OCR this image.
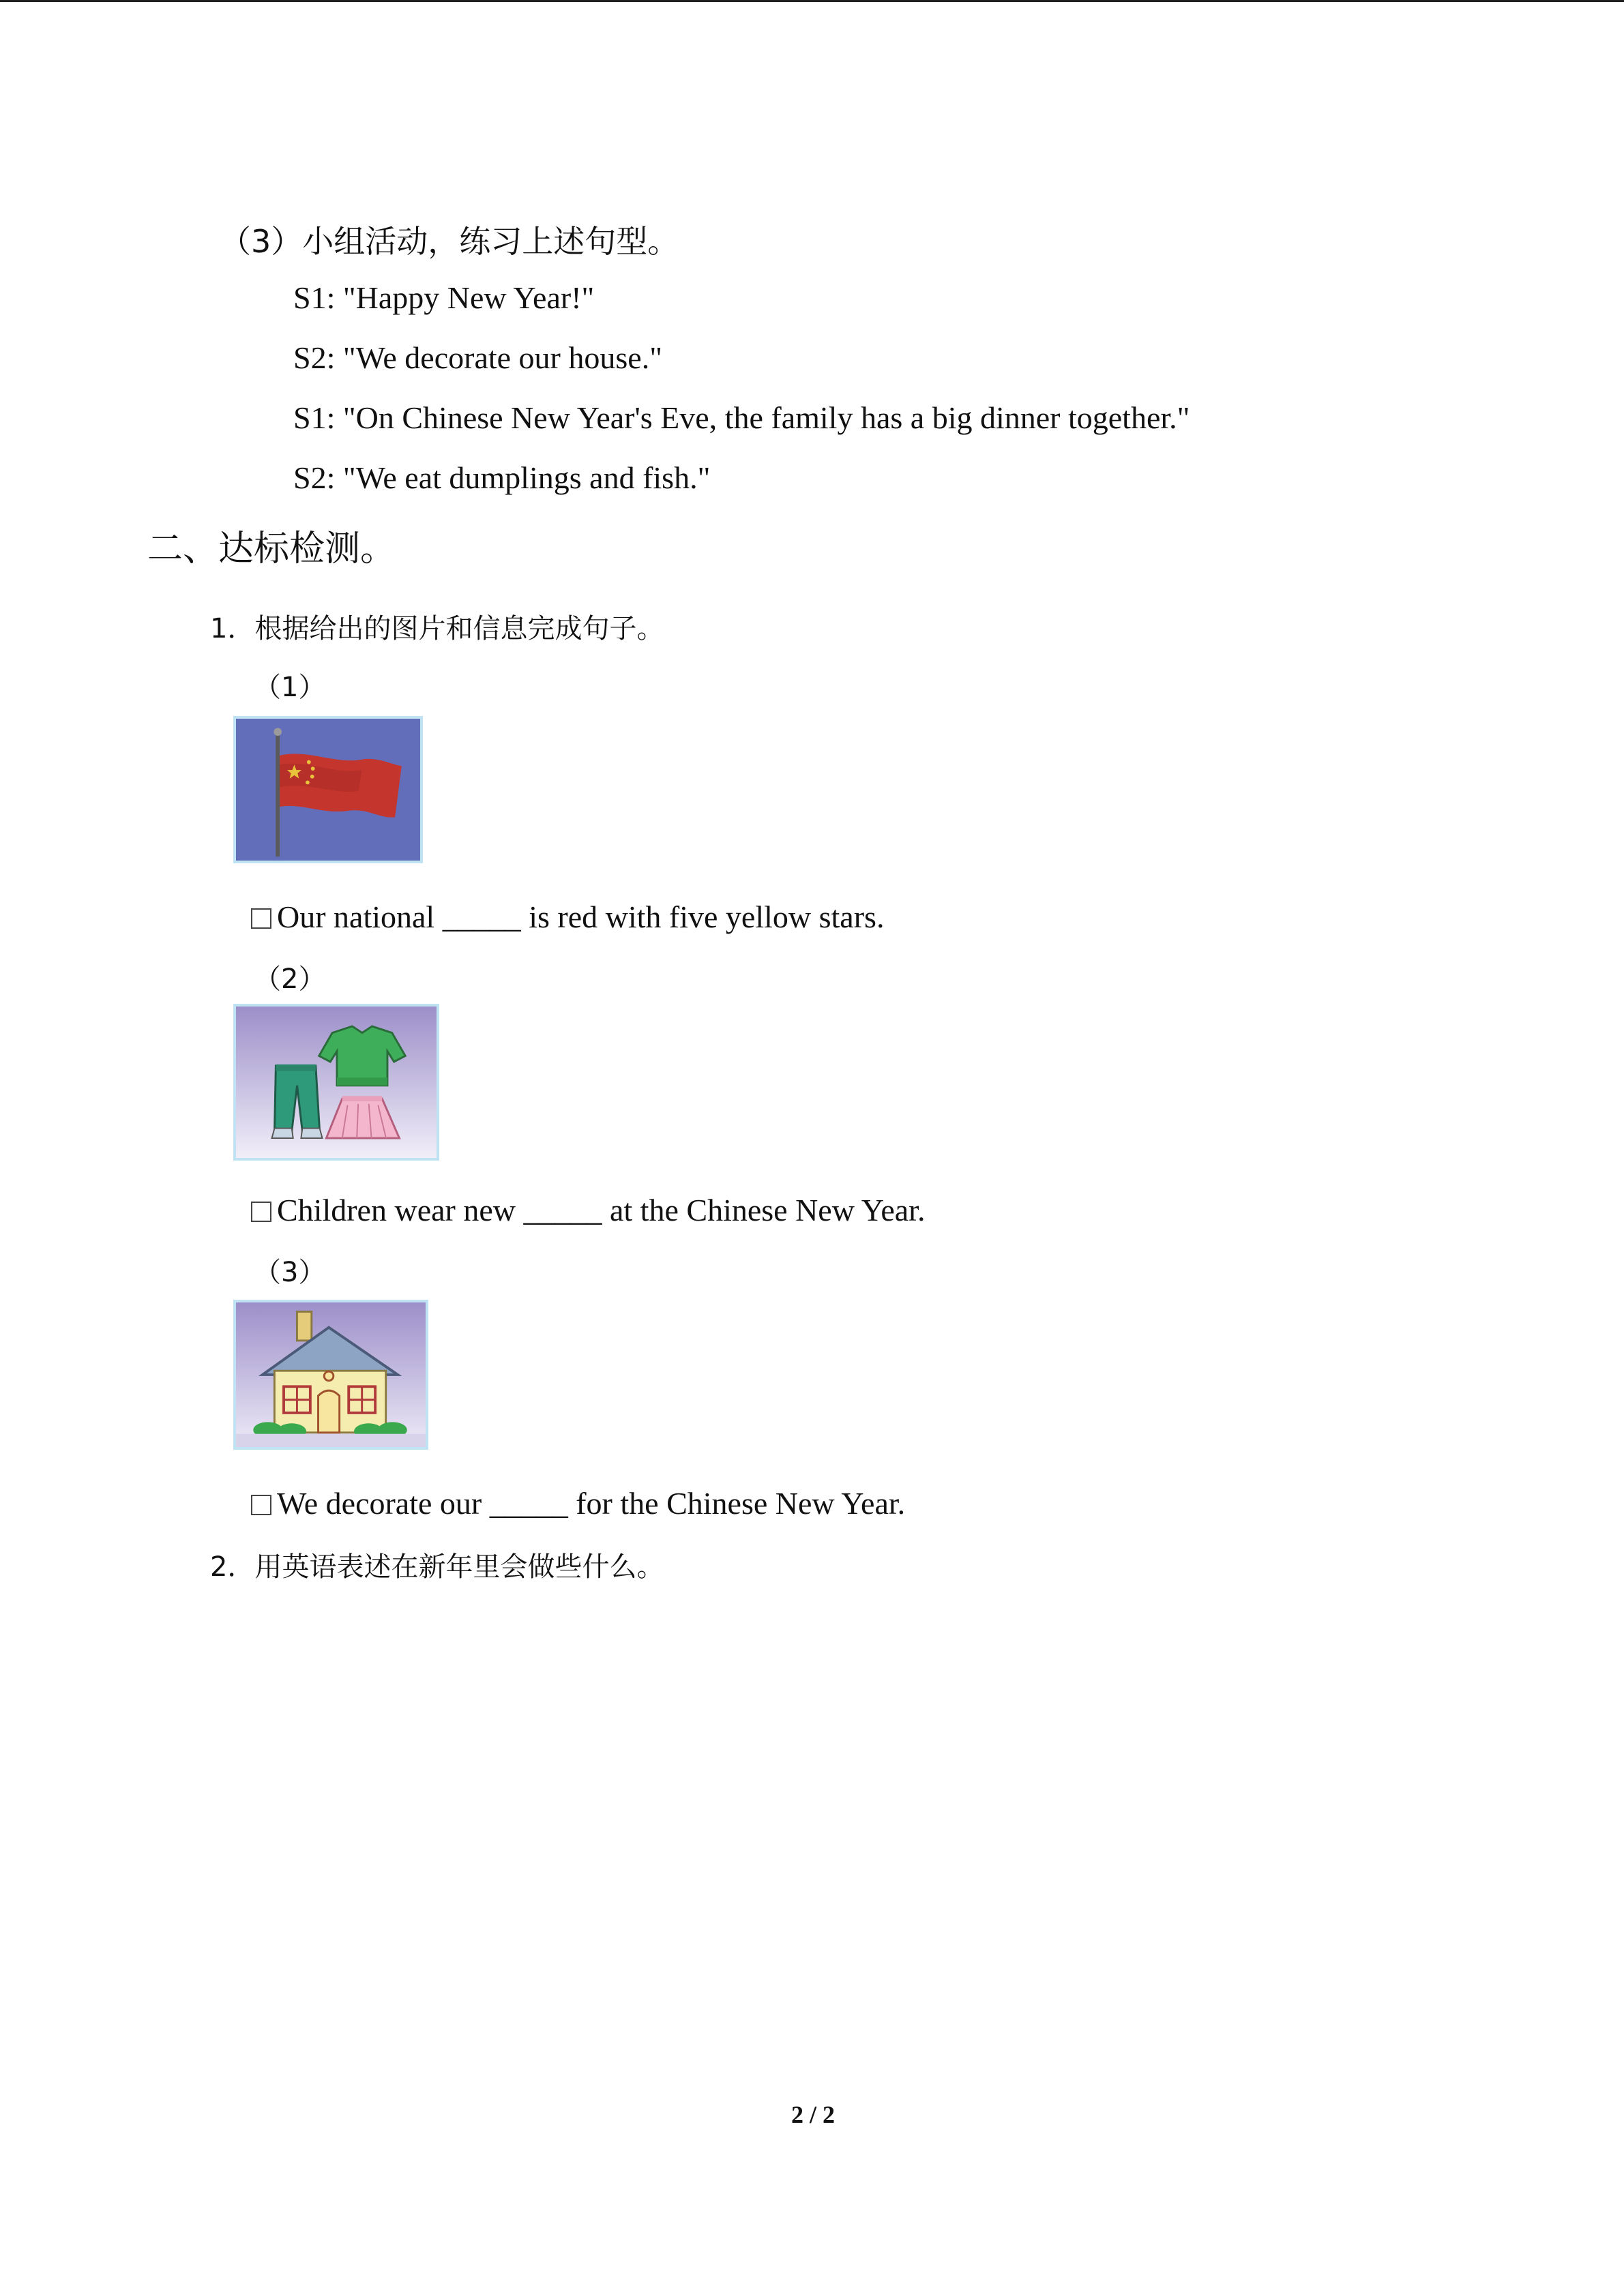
（3）小组活动，练习上述句型。
S1: "Happy New Year!"
S2: "We decorate our house."
S1: "On Chinese New Year's Eve, the family has a big dinner together."
S2: "We eat dumplings and fish."
二、达标检测。
1．根据给出的图片和信息完成句子。
（1）
Our national _____ is red with five yellow stars.
（2）
Children wear new _____ at the Chinese New Year.
（3）
We decorate our _____ for the Chinese New Year.
2．用英语表述在新年里会做些什么。
2 / 2
